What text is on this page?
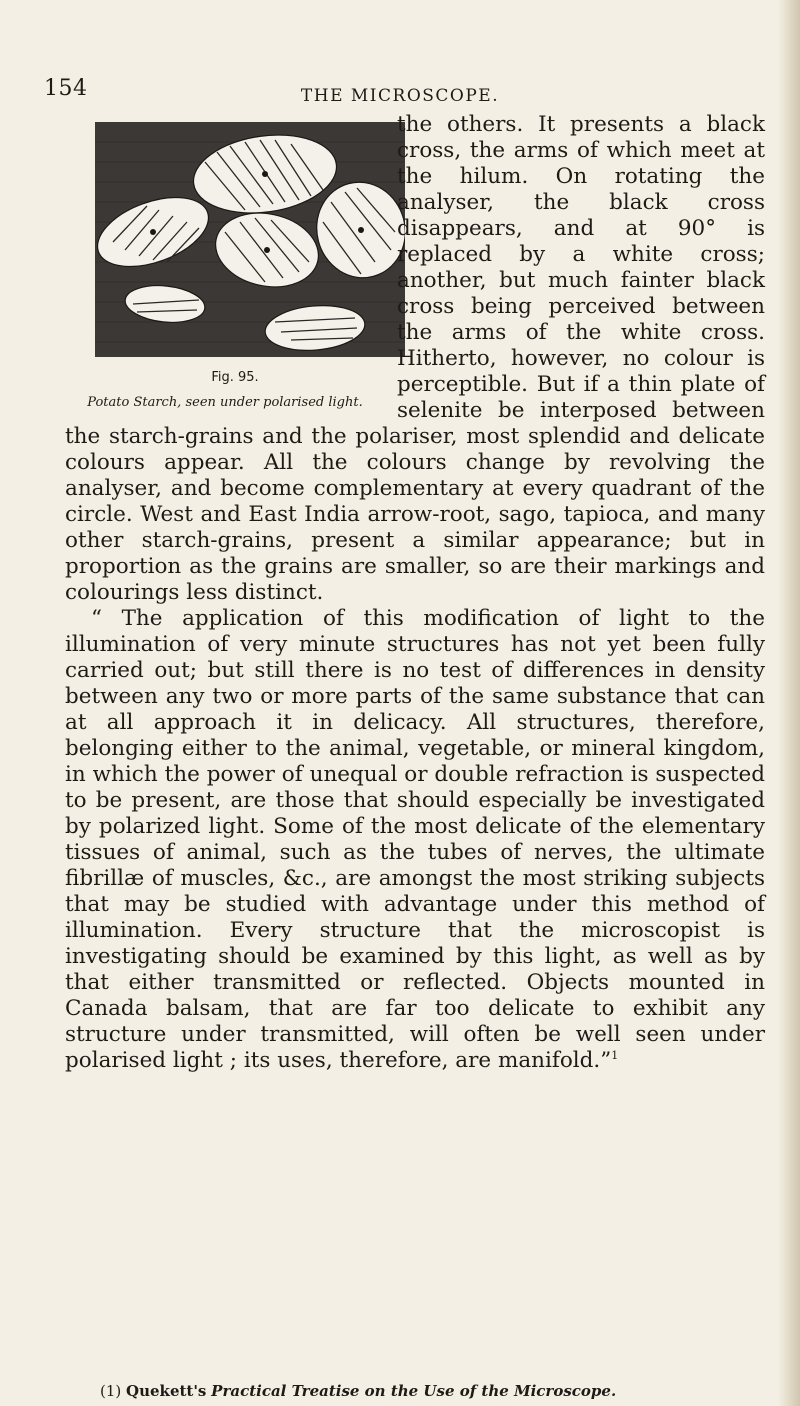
154	THE MICROSCOPE.
Fig. 95.
Potato Starch, seen under polarised light.

the others. It presents a black cross, the arms of which meet at the hilum. On rotating the analyser, the black cross disappears, and at 90° is replaced by a white cross; another, but much fainter black cross being perceived between the arms of the white cross. Hitherto, however, no colour is perceptible. But if a thin plate of selenite be interposed between the starch-grains and the polariser, most splendid and delicate colours appear. All the colours change by revolving the analyser, and become complementary at every quadrant of the circle. West and East India arrow-root, sago, tapioca, and many other starch-grains, present a similar appearance; but in proportion as the grains are smaller, so are their markings and colourings less distinct.

“ The application of this modification of light to the illumination of very minute structures has not yet been fully carried out; but still there is no test of differences in density between any two or more parts of the same substance that can at all approach it in delicacy. All structures, therefore, belonging either to the animal, vegetable, or mineral kingdom, in which the power of unequal or double refraction is suspected to be present, are those that should especially be investigated by polarized light. Some of the most delicate of the elementary tissues of animal, such as the tubes of nerves, the ultimate fibrillæ of muscles, &c., are amongst the most striking subjects that may be studied with advantage under this method of illumination. Every structure that the microscopist is investigating should be examined by this light, as well as by that either transmitted or reflected. Objects mounted in Canada balsam, that are far too delicate to exhibit any structure under transmitted, will often be well seen under polarised light ; its uses, therefore, are manifold.”$^1$

(1) Quekett's Practical Treatise on the Use of the Microscope.
